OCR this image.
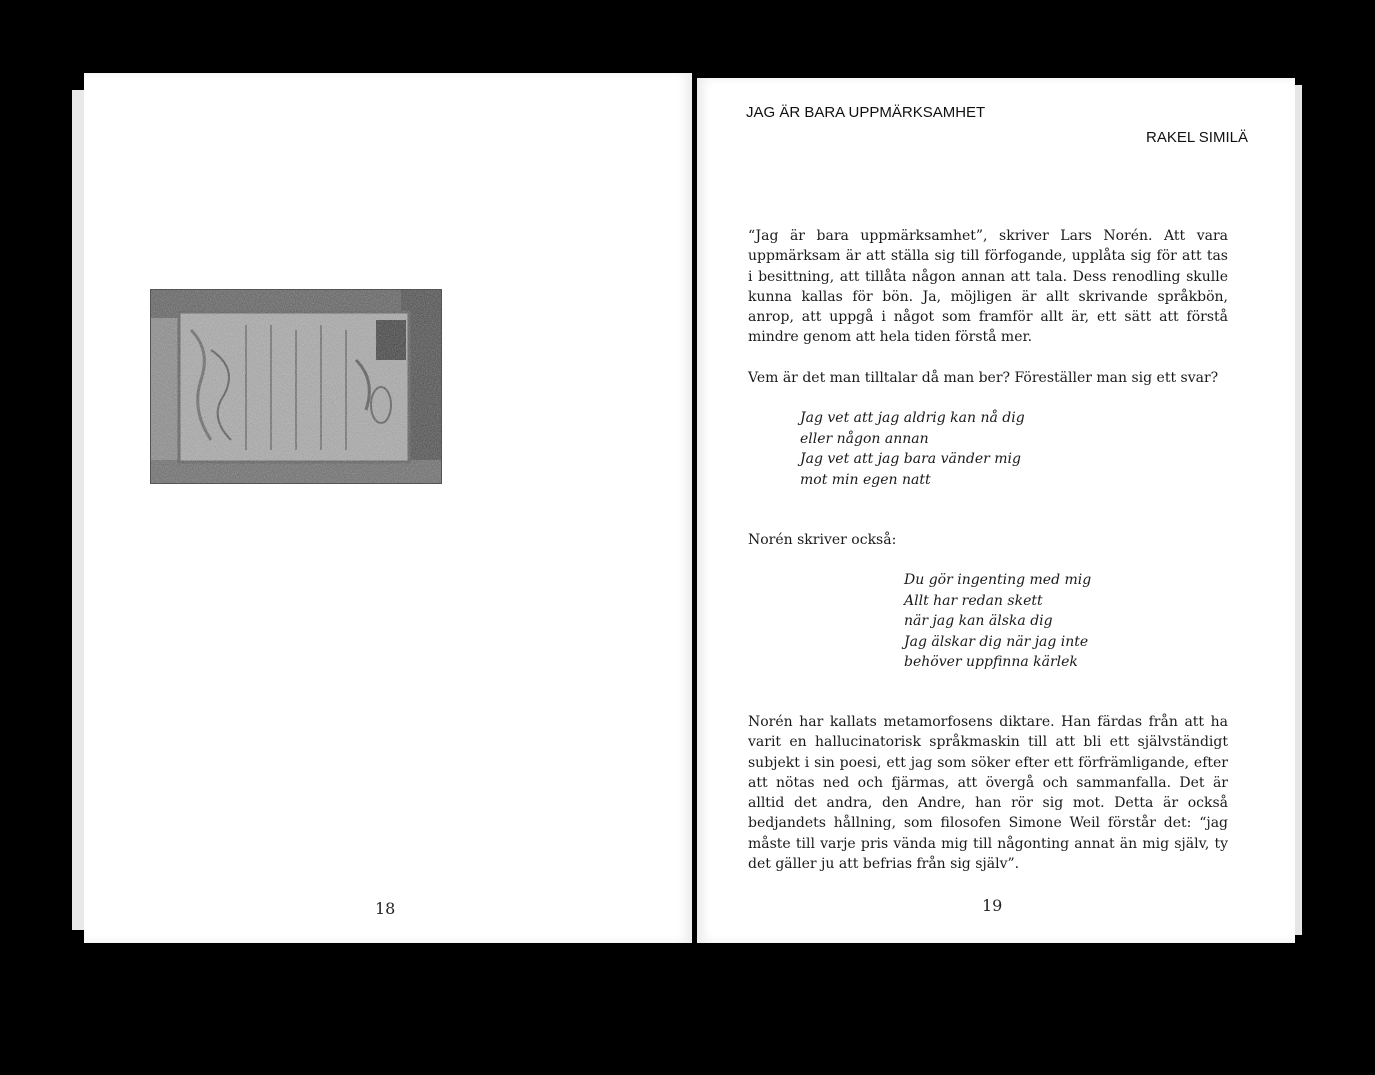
18
JAG ÄR BARA UPPMÄRKSAMHET
RAKEL SIMILÄ

“Jag är bara uppmärksamhet”, skriver Lars Norén. Att vara uppmärksam är att ställa sig till förfogande, upplåta sig för att tas i besittning, att tillåta någon annan att tala. Dess renodling skulle kunna kallas för bön. Ja, möjligen är allt skrivande språkbön, anrop, att uppgå i något som framför allt är, ett sätt att förstå mindre genom att hela tiden förstå mer.

Vem är det man tilltalar då man ber? Föreställer man sig ett svar?

Jag vet att jag aldrig kan nå dig
eller någon annan
Jag vet att jag bara vänder mig
mot min egen natt

Norén skriver också:

Du gör ingenting med mig
Allt har redan skett
när jag kan älska dig
Jag älskar dig när jag inte
behöver uppfinna kärlek

Norén har kallats metamorfosens diktare. Han färdas från att ha varit en hallucinatorisk språkmaskin till att bli ett självständigt subjekt i sin poesi, ett jag som söker efter ett förfrämligande, efter att nötas ned och fjärmas, att övergå och sammanfalla. Det är alltid det andra, den Andre, han rör sig mot. Detta är också bedjandets hållning, som filosofen Simone Weil förstår det: “jag måste till varje pris vända mig till någonting annat än mig själv, ty det gäller ju att befrias från sig själv”.

19
